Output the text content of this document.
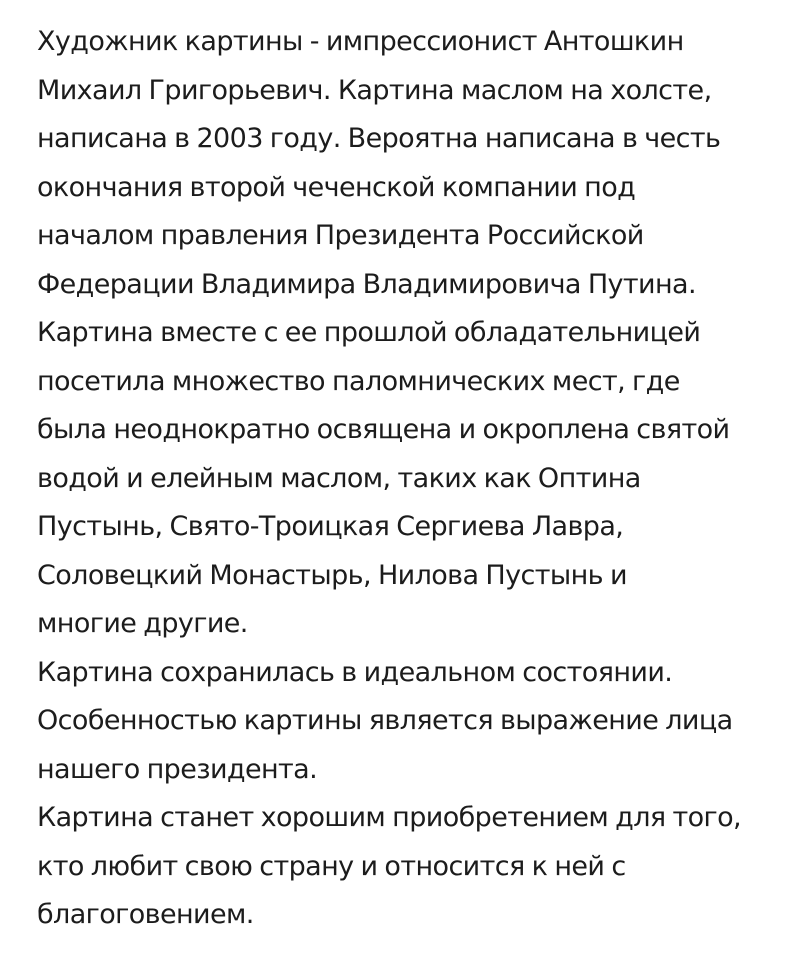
Художник картины - импрессионист Антошкин
Михаил Григорьевич. Картина маслом на холсте,
написана в 2003 году. Вероятна написана в честь
окончания второй чеченской компании под
началом правления Президента Российской
Федерации Владимира Владимировича Путина.
Картина вместе с ее прошлой обладательницей
посетила множество паломнических мест, где
была неоднократно освящена и окроплена святой
водой и елейным маслом, таких как Оптина
Пустынь, Свято-Троицкая Сергиева Лавра,
Соловецкий Монастырь, Нилова Пустынь и
многие другие.
Картина сохранилась в идеальном состоянии.
Особенностью картины является выражение лица
нашего президента.
Картина станет хорошим приобретением для того,
кто любит свою страну и относится к ней с
благоговением.
